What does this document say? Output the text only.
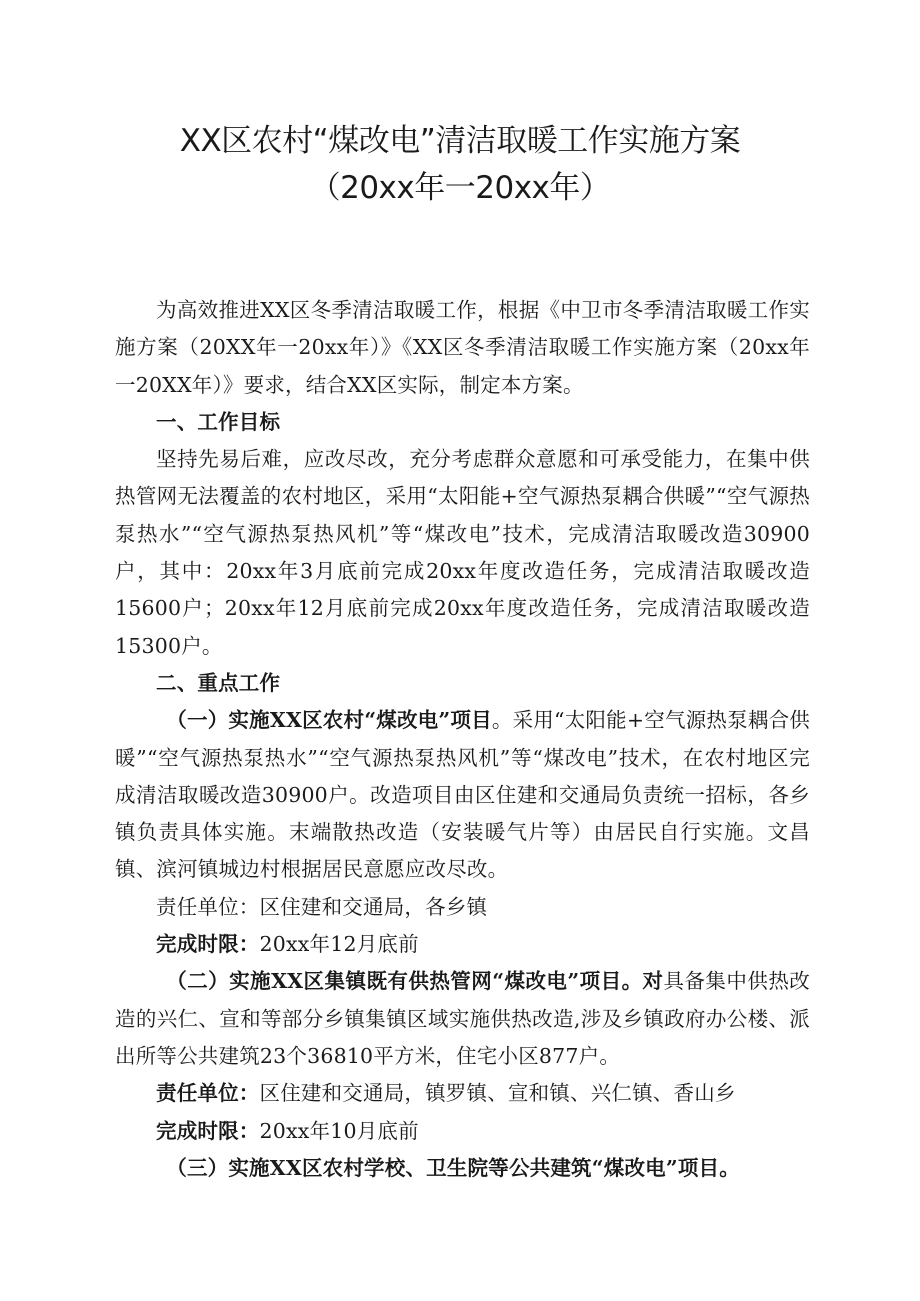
XX区农村“煤改电”清洁取暖工作实施方案
（20xx年一20xx年）

为高效推进XX区冬季清洁取暖工作，根据《中卫市冬季清洁取暖工作实施方案（20XX年一20xx年）》《XX区冬季清洁取暖工作实施方案（20xx年一20XX年）》要求，结合XX区实际，制定本方案。

一、工作目标

坚持先易后难，应改尽改，充分考虑群众意愿和可承受能力，在集中供热管网无法覆盖的农村地区，采用“太阳能+空气源热泵耦合供暖”“空气源热泵热水”“空气源热泵热风机”等“煤改电”技术，完成清洁取暖改造30900户，其中：20xx年3月底前完成20xx年度改造任务，完成清洁取暖改造15600户；20xx年12月底前完成20xx年度改造任务，完成清洁取暖改造15300户。

二、重点工作

（一）实施XX区农村“煤改电”项目。采用“太阳能+空气源热泵耦合供暖”“空气源热泵热水”“空气源热泵热风机”等“煤改电”技术，在农村地区完成清洁取暖改造30900户。改造项目由区住建和交通局负责统一招标，各乡镇负责具体实施。末端散热改造（安装暖气片等）由居民自行实施。文昌镇、滨河镇城边村根据居民意愿应改尽改。

责任单位：区住建和交通局，各乡镇

完成时限：20xx年12月底前

（二）实施XX区集镇既有供热管网“煤改电”项目。对具备集中供热改造的兴仁、宣和等部分乡镇集镇区域实施供热改造,涉及乡镇政府办公楼、派出所等公共建筑23个36810平方米，住宅小区877户。

责任单位：区住建和交通局，镇罗镇、宣和镇、兴仁镇、香山乡

完成时限：20xx年10月底前

（三）实施XX区农村学校、卫生院等公共建筑“煤改电”项目。
